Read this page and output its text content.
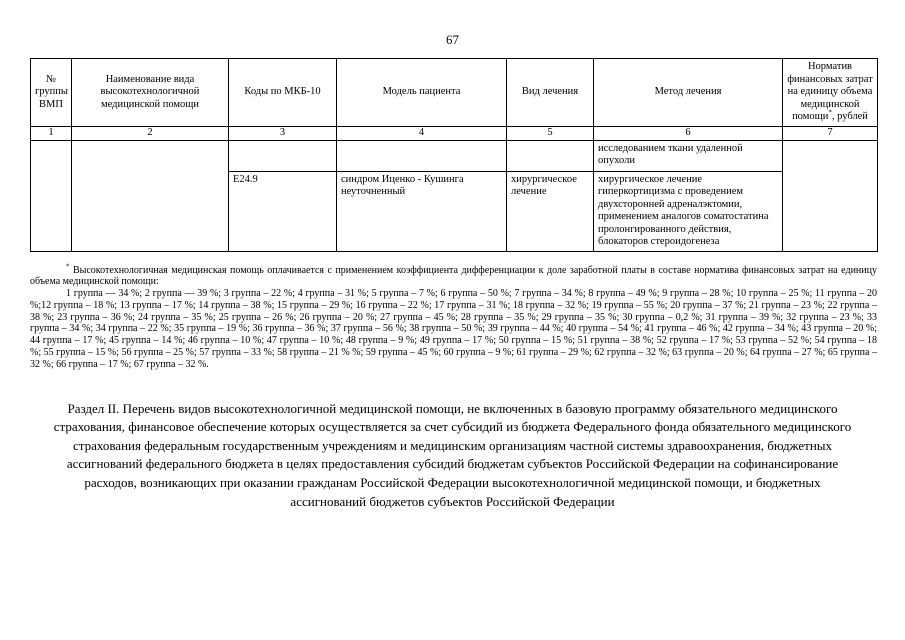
67
№ группы ВМП	Наименование вида высокотехнологичной медицинской помощи	Коды по МКБ-10	Модель пациента	Вид лечения	Метод лечения	Норматив финансовых затрат на единицу объема медицинской помощи*, рублей
1	2	3	4	5	6	7
					исследованием ткани удаленной опухоли	
		Е24.9	синдром Иценко - Кушинга неуточненный	хирургическое лечение	хирургическое лечение гиперкортицизма с проведением двухсторонней адреналэктомии, применением аналогов соматостатина пролонгированного действия, блокаторов стероидогенеза	

* Высокотехнологичная медицинская помощь оплачивается с применением коэффициента дифференциации к доле заработной платы в составе норматива финансовых затрат на единицу объема медицинской помощи:

1 группа — 34 %; 2 группа — 39 %; 3 группа – 22 %; 4 группа – 31 %; 5 группа – 7 %; 6 группа – 50 %; 7 группа – 34 %; 8 группа – 49 %; 9 группа – 28 %; 10 группа – 25 %; 11 группа – 20 %;12 группа – 18 %; 13 группа – 17 %; 14 группа – 38 %; 15 группа – 29 %; 16 группа – 22 %; 17 группа – 31 %; 18 группа – 32 %; 19 группа – 55 %; 20 группа – 37 %; 21 группа – 23 %; 22 группа – 38 %; 23 группа – 36 %; 24 группа – 35 %; 25 группа – 26 %; 26 группа – 20 %; 27 группа – 45 %; 28 группа – 35 %; 29 группа – 35 %; 30 группа – 0,2 %; 31 группа – 39 %; 32 группа – 23 %; 33 группа – 34 %; 34 группа – 22 %; 35 группа – 19 %; 36 группа – 36 %; 37 группа – 56 %; 38 группа – 50 %; 39 группа – 44 %; 40 группа – 54 %; 41 группа – 46 %; 42 группа – 34 %; 43 группа – 20 %; 44 группа – 17 %; 45 группа – 14 %; 46 группа – 10 %; 47 группа – 10 %; 48 группа – 9 %; 49 группа – 17 %; 50 группа – 15 %; 51 группа – 38 %; 52 группа – 17 %; 53 группа – 52 %; 54 группа – 18 %; 55 группа – 15 %; 56 группа – 25 %; 57 группа – 33 %; 58 группа – 21 % %; 59 группа – 45 %; 60 группа – 9 %; 61 группа – 29 %; 62 группа – 32 %; 63 группа – 20 %; 64 группа – 27 %; 65 группа – 32 %; 66 группа – 17 %; 67 группа – 32 %.

Раздел II. Перечень видов высокотехнологичной медицинской помощи, не включенных в базовую программу обязательного медицинского страхования, финансовое обеспечение которых осуществляется за счет субсидий из бюджета Федерального фонда обязательного медицинского страхования федеральным государственным учреждениям и медицинским организациям частной системы здравоохранения, бюджетных ассигнований федерального бюджета в целях предоставления субсидий бюджетам субъектов Российской Федерации на софинансирование расходов, возникающих при оказании гражданам Российской Федерации высокотехнологичной медицинской помощи, и бюджетных ассигнований бюджетов субъектов Российской Федерации
